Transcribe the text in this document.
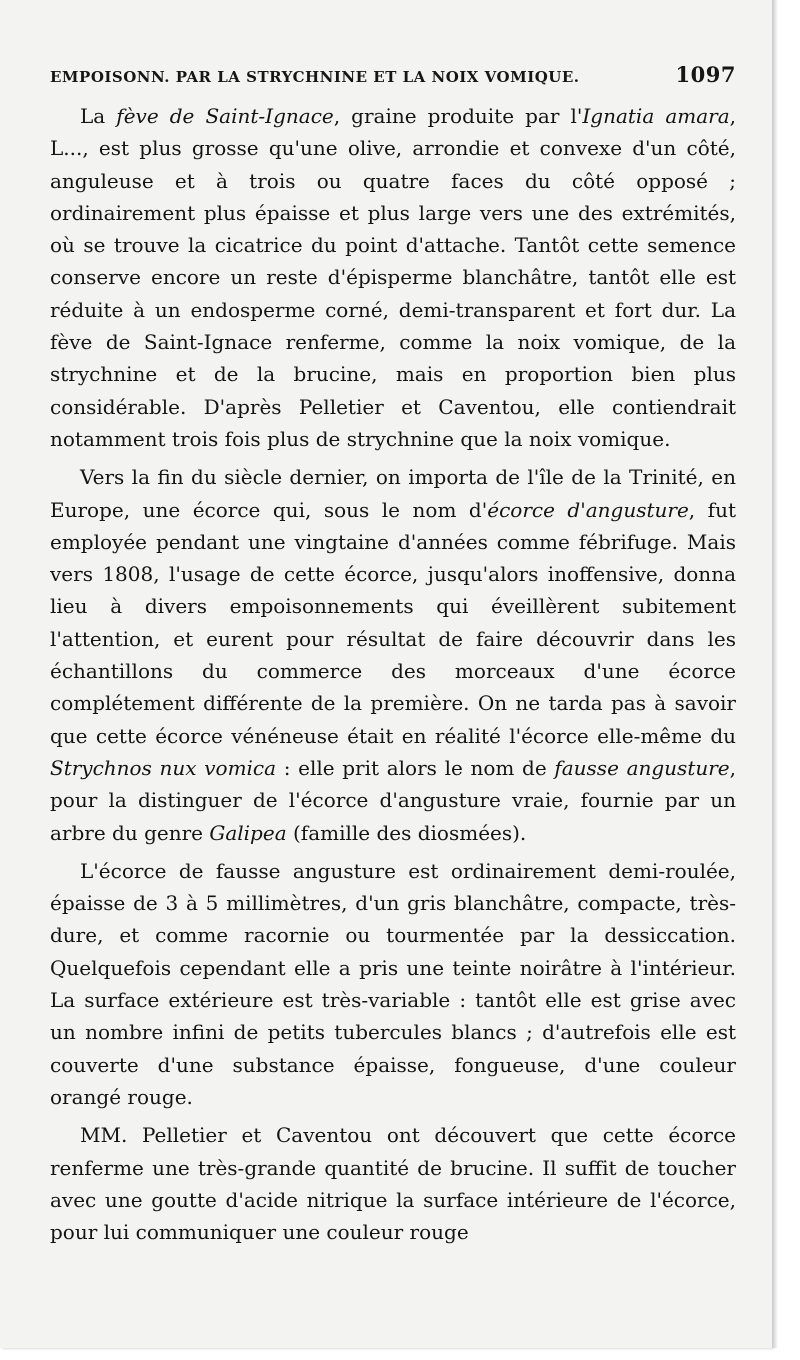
EMPOISONN. PAR LA STRYCHNINE ET LA NOIX VOMIQUE.	1097

La fève de Saint-Ignace, graine produite par l'Ignatia amara, L..., est plus grosse qu'une olive, arrondie et convexe d'un côté, anguleuse et à trois ou quatre faces du côté opposé ; ordinairement plus épaisse et plus large vers une des extrémités, où se trouve la cicatrice du point d'attache. Tantôt cette semence conserve encore un reste d'épisperme blanchâtre, tantôt elle est réduite à un endosperme corné, demi-transparent et fort dur. La fève de Saint-Ignace renferme, comme la noix vomique, de la strychnine et de la brucine, mais en proportion bien plus considérable. D'après Pelletier et Caventou, elle contiendrait notamment trois fois plus de strychnine que la noix vomique.

Vers la fin du siècle dernier, on importa de l'île de la Trinité, en Europe, une écorce qui, sous le nom d'écorce d'angusture, fut employée pendant une vingtaine d'années comme fébrifuge. Mais vers 1808, l'usage de cette écorce, jusqu'alors inoffensive, donna lieu à divers empoisonnements qui éveillèrent subitement l'attention, et eurent pour résultat de faire découvrir dans les échantillons du commerce des morceaux d'une écorce complétement différente de la première. On ne tarda pas à savoir que cette écorce vénéneuse était en réalité l'écorce elle-même du Strychnos nux vomica : elle prit alors le nom de fausse angusture, pour la distinguer de l'écorce d'angusture vraie, fournie par un arbre du genre Galipea (famille des diosmées).

L'écorce de fausse angusture est ordinairement demi-roulée, épaisse de 3 à 5 millimètres, d'un gris blanchâtre, compacte, très-dure, et comme racornie ou tourmentée par la dessiccation. Quelquefois cependant elle a pris une teinte noirâtre à l'intérieur. La surface extérieure est très-variable : tantôt elle est grise avec un nombre infini de petits tubercules blancs ; d'autrefois elle est couverte d'une substance épaisse, fongueuse, d'une couleur orangé rouge.

MM. Pelletier et Caventou ont découvert que cette écorce renferme une très-grande quantité de brucine. Il suffit de toucher avec une goutte d'acide nitrique la surface intérieure de l'écorce, pour lui communiquer une couleur rouge
